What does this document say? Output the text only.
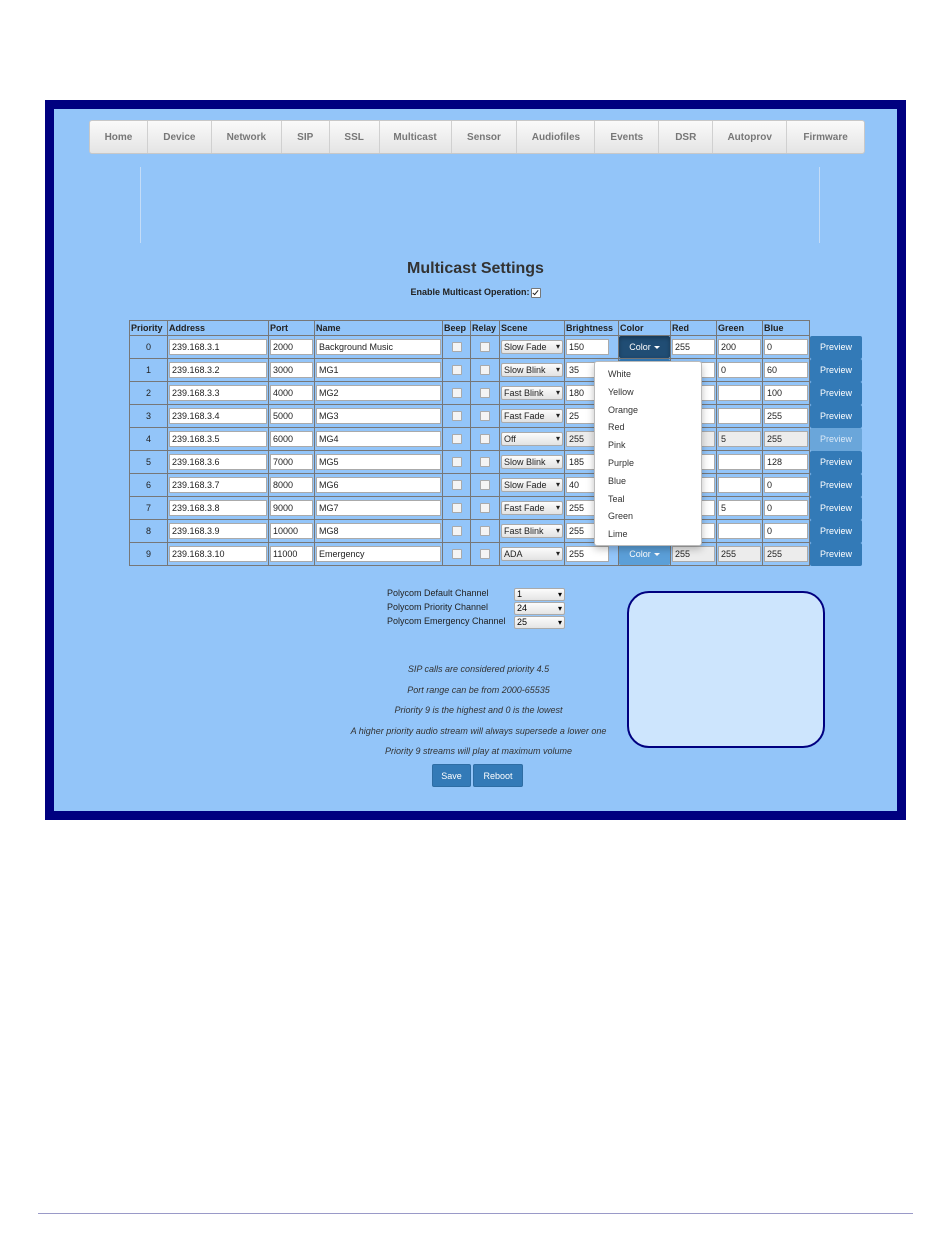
Home	Device	Network	SIP	SSL	Multicast	Sensor	Audiofiles	Events	DSR	Autoprov	Firmware
Multicast Settings
Enable Multicast Operation:
Priority	Address	Port	Name	Beep	Relay	Scene	Brightness	Color	Red	Green	Blue	
0	239.168.3.1	2000	Background Music			Slow Fade ▾	150	Color	255	200	0	Preview

1	239.168.3.2	3000	MG1			Slow Blink ▾	35			0	60	Preview

2	239.168.3.3	4000	MG2			Fast Blink ▾	180				100	Preview

3	239.168.3.4	5000	MG3			Fast Fade ▾	25				255	Preview

4	239.168.3.5	6000	MG4			Off ▾	255			5	255	Preview

5	239.168.3.6	7000	MG5			Slow Blink ▾	185				128	Preview

6	239.168.3.7	8000	MG6			Slow Fade ▾	40				0	Preview

7	239.168.3.8	9000	MG7			Fast Fade ▾	255			5	0	Preview

8	239.168.3.9	10000	MG8			Fast Blink ▾	255				0	Preview

9	239.168.3.10	11000	Emergency			ADA ▾	255	Color	255	255	255	Preview
White
Yellow
Orange
Red
Pink
Purple
Blue
Teal
Green
Lime
Polycom Default Channel	1 ▾
Polycom Priority Channel	24 ▾
Polycom Emergency Channel	25 ▾
SIP calls are considered priority 4.5
Port range can be from 2000-65535
Priority 9 is the highest and 0 is the lowest
A higher priority audio stream will always supersede a lower one
Priority 9 streams will play at maximum volume
Save	Reboot
